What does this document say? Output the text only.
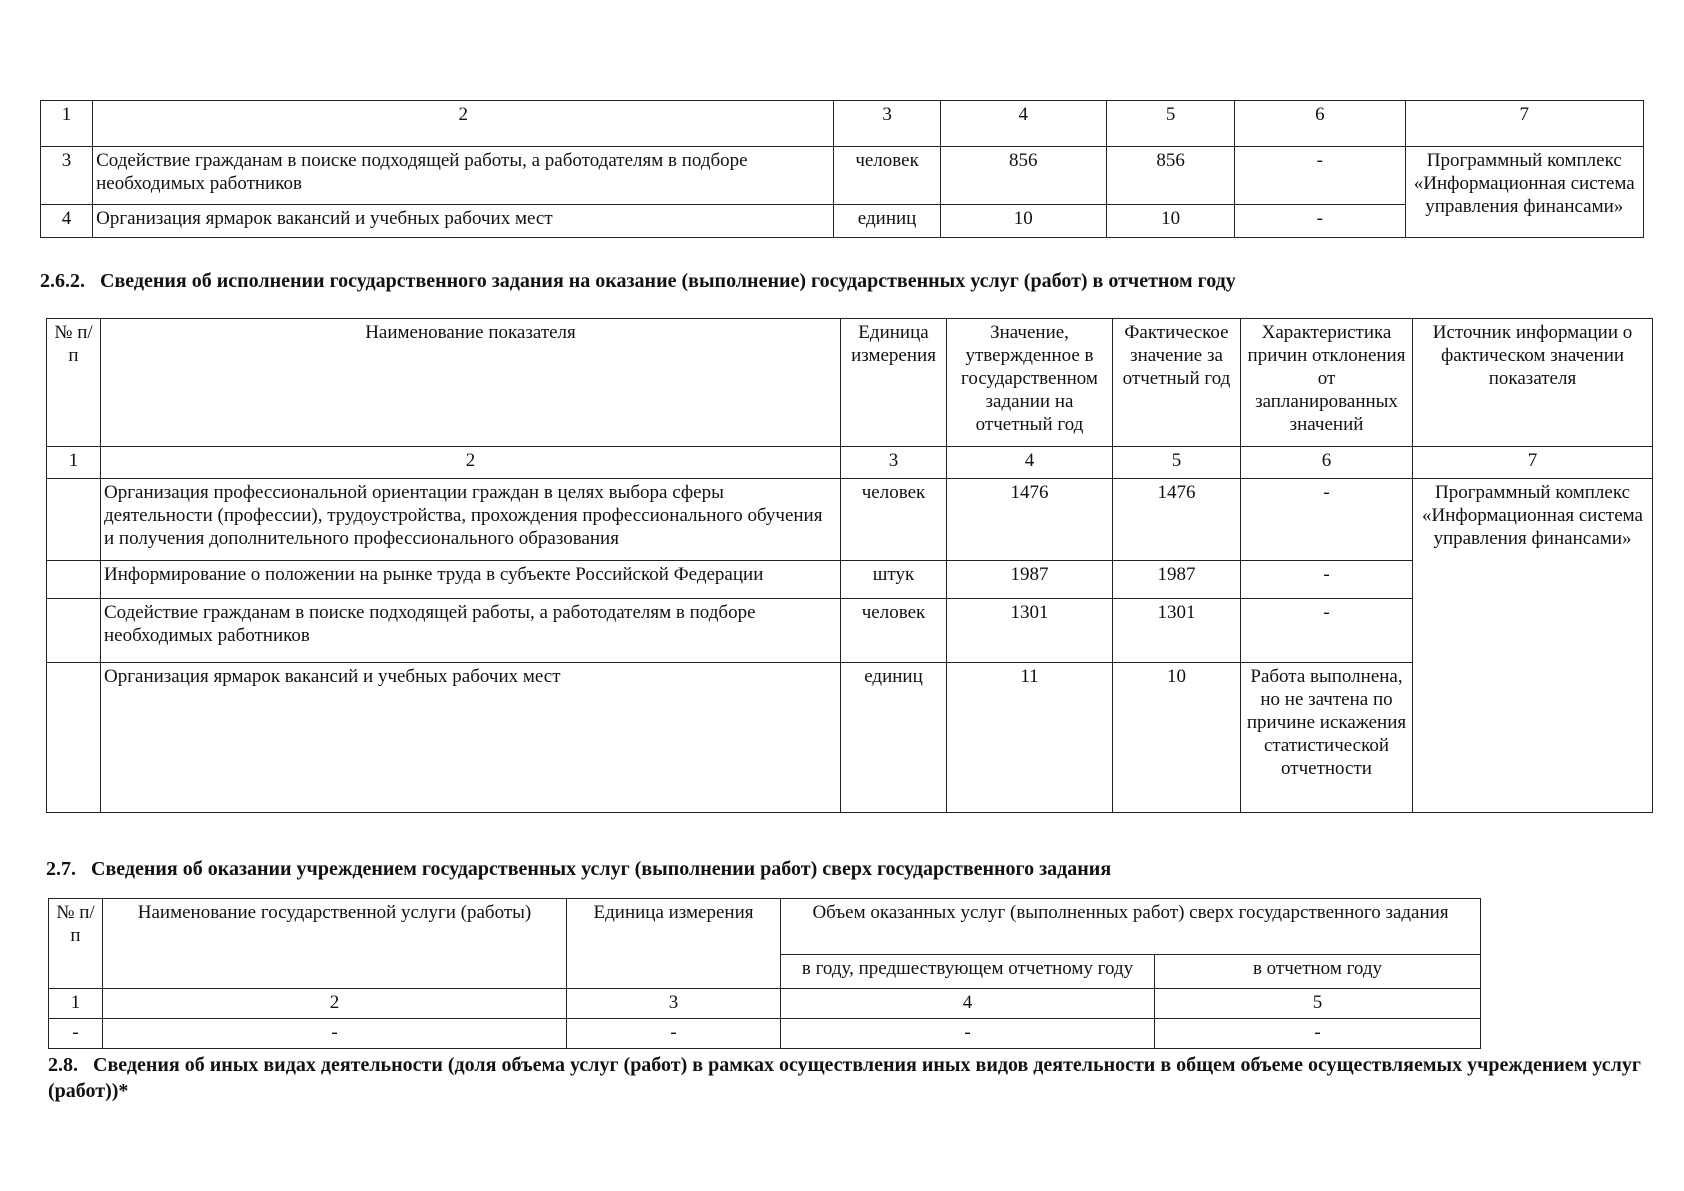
1	2	3	4	5	6	7
3	Содействие гражданам в поиске подходящей работы, а работодателям в подборе необходимых работников	человек	856	856	-	Программный комплекс «Информационная система управления финансами»
4	Организация ярмарок вакансий и учебных рабочих мест	единиц	10	10	-	
2.6.2. Сведения об исполнении государственного задания на оказание (выполнение) государственных услуг (работ) в отчетном году
№ п/п	Наименование показателя	Единица измерения	Значение, утвержденное в государственном задании на отчетный год	Фактическое значение за отчетный год	Характеристика причин отклонения от запланированных значений	Источник информации о фактическом значении показателя
1	2	3	4	5	6	7
	Организация профессиональной ориентации граждан в целях выбора сферы деятельности (профессии), трудоустройства, прохождения профессионального обучения и получения дополнительного профессионального образования	человек	1476	1476	-	Программный комплекс «Информационная система управления финансами»
	Информирование о положении на рынке труда в субъекте Российской Федерации	штук	1987	1987	-	
	Содействие гражданам в поиске подходящей работы, а работодателям в подборе необходимых работников	человек	1301	1301	-	
	Организация ярмарок вакансий и учебных рабочих мест	единиц	11	10	Работа выполнена, но не зачтена по причине искажения статистической отчетности	
2.7. Сведения об оказании учреждением государственных услуг (выполнении работ) сверх государственного задания
№ п/п	Наименование государственной услуги (работы)	Единица измерения	Объем оказанных услуг (выполненных работ) сверх государственного задания	
			в году, предшествующем отчетному году	в отчетном году
1	2	3	4	5
-	-	-	-	-
2.8. Сведения об иных видах деятельности (доля объема услуг (работ) в рамках осуществления иных видов деятельности в общем объеме осуществляемых учреждением услуг (работ))*
